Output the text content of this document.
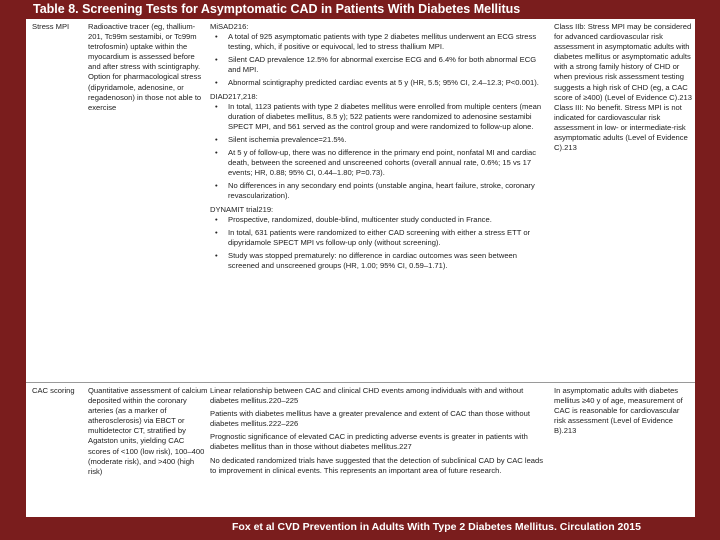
Table 8. Screening Tests for Asymptomatic CAD in Patients With Diabetes Mellitus
Stress MPI	Radioactive tracer (eg, thallium-201, Tc99m sestamibi, or Tc99m tetrofosmin) uptake within the myocardium is assessed before and after stress with scintigraphy. Option for pharmacological stress (dipyridamole, adenosine, or regadenoson) in those not able to exercise
MiSAD216:
• A total of 925 asymptomatic patients with type 2 diabetes mellitus underwent an ECG stress testing, which, if positive or equivocal, led to stress thallium MPI.
• Silent CAD prevalence 12.5% for abnormal exercise ECG and 6.4% for both abnormal ECG and MPI.
• Abnormal scintigraphy predicted cardiac events at 5 y (HR, 5.5; 95% CI, 2.4–12.3; P<0.001).
DIAD217,218:
• In total, 1123 patients with type 2 diabetes mellitus were enrolled from multiple centers (mean duration of diabetes mellitus, 8.5 y); 522 patients were randomized to adenosine sestamibi SPECT MPI, and 561 served as the control group and were randomized to follow-up alone.
• Silent ischemia prevalence=21.5%.
• At 5 y of follow-up, there was no difference in the primary end point, nonfatal MI and cardiac death, between the screened and unscreened cohorts (overall annual rate, 0.6%; 15 vs 17 events; HR, 0.88; 95% CI, 0.44–1.80; P=0.73).
• No differences in any secondary end points (unstable angina, heart failure, stroke, coronary revascularization).
DYNAMIT trial219:
• Prospective, randomized, double-blind, multicenter study conducted in France.
• In total, 631 patients were randomized to either CAD screening with either a stress ETT or dipyridamole SPECT MPI vs follow-up only (without screening).
• Study was stopped prematurely: no difference in cardiac outcomes was seen between screened and unscreened groups (HR, 1.00; 95% CI, 0.59–1.71).

Class IIb: Stress MPI may be considered for advanced cardiovascular risk assessment in asymptomatic adults with diabetes mellitus or asymptomatic adults with a strong family history of CHD or when previous risk assessment testing suggests a high risk of CHD (eg, a CAC score of ≥400) (Level of Evidence C).213

Class III: No benefit. Stress MPI is not indicated for cardiovascular risk assessment in low- or intermediate-risk asymptomatic adults (Level of Evidence C).213

CAC scoring	Quantitative assessment of calcium deposited within the coronary arteries (as a marker of atherosclerosis) via EBCT or multidetector CT, stratified by Agatston units, yielding CAC scores of <100 (low risk), 100–400 (moderate risk), and >400 (high risk)
Linear relationship between CAC and clinical CHD events among individuals with and without diabetes mellitus.220–225
Patients with diabetes mellitus have a greater prevalence and extent of CAC than those without diabetes mellitus.222–226
Prognostic significance of elevated CAC in predicting adverse events is greater in patients with diabetes mellitus than in those without diabetes mellitus.227
No dedicated randomized trials have suggested that the detection of subclinical CAD by CAC leads to improvement in clinical events. This represents an important area of future research.

In asymptomatic adults with diabetes mellitus ≥40 y of age, measurement of CAC is reasonable for cardiovascular risk assessment (Level of Evidence B).213

Fox et al CVD Prevention in Adults With Type 2 Diabetes Mellitus. Circulation 2015
